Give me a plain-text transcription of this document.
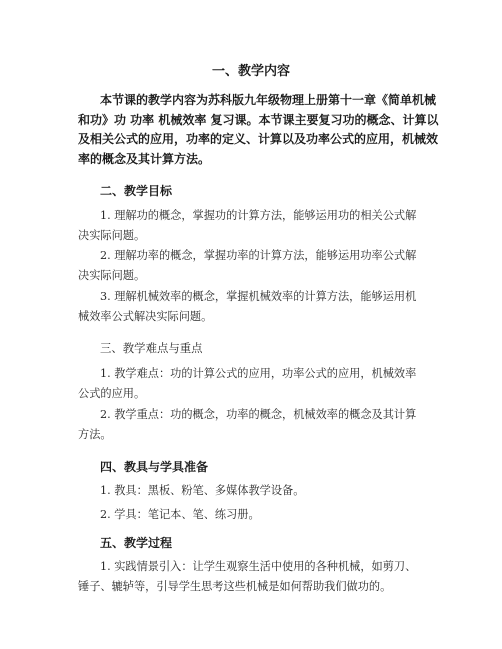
一、教学内容
本节课的教学内容为苏科版九年级物理上册第十一章《简单机械
和功》功 功率 机械效率 复习课。本节课主要复习功的概念、计算以
及相关公式的应用，功率的定义、计算以及功率公式的应用，机械效
率的概念及其计算方法。
二、教学目标
1. 理解功的概念，掌握功的计算方法，能够运用功的相关公式解
决实际问题。
2. 理解功率的概念，掌握功率的计算方法，能够运用功率公式解
决实际问题。
3. 理解机械效率的概念，掌握机械效率的计算方法，能够运用机
械效率公式解决实际问题。
三、教学难点与重点
1. 教学难点：功的计算公式的应用，功率公式的应用，机械效率
公式的应用。
2. 教学重点：功的概念，功率的概念，机械效率的概念及其计算
方法。
四、教具与学具准备
1. 教具：黑板、粉笔、多媒体教学设备。
2. 学具：笔记本、笔、练习册。
五、教学过程
1. 实践情景引入：让学生观察生活中使用的各种机械，如剪刀、
锤子、辘轳等，引导学生思考这些机械是如何帮助我们做功的。
